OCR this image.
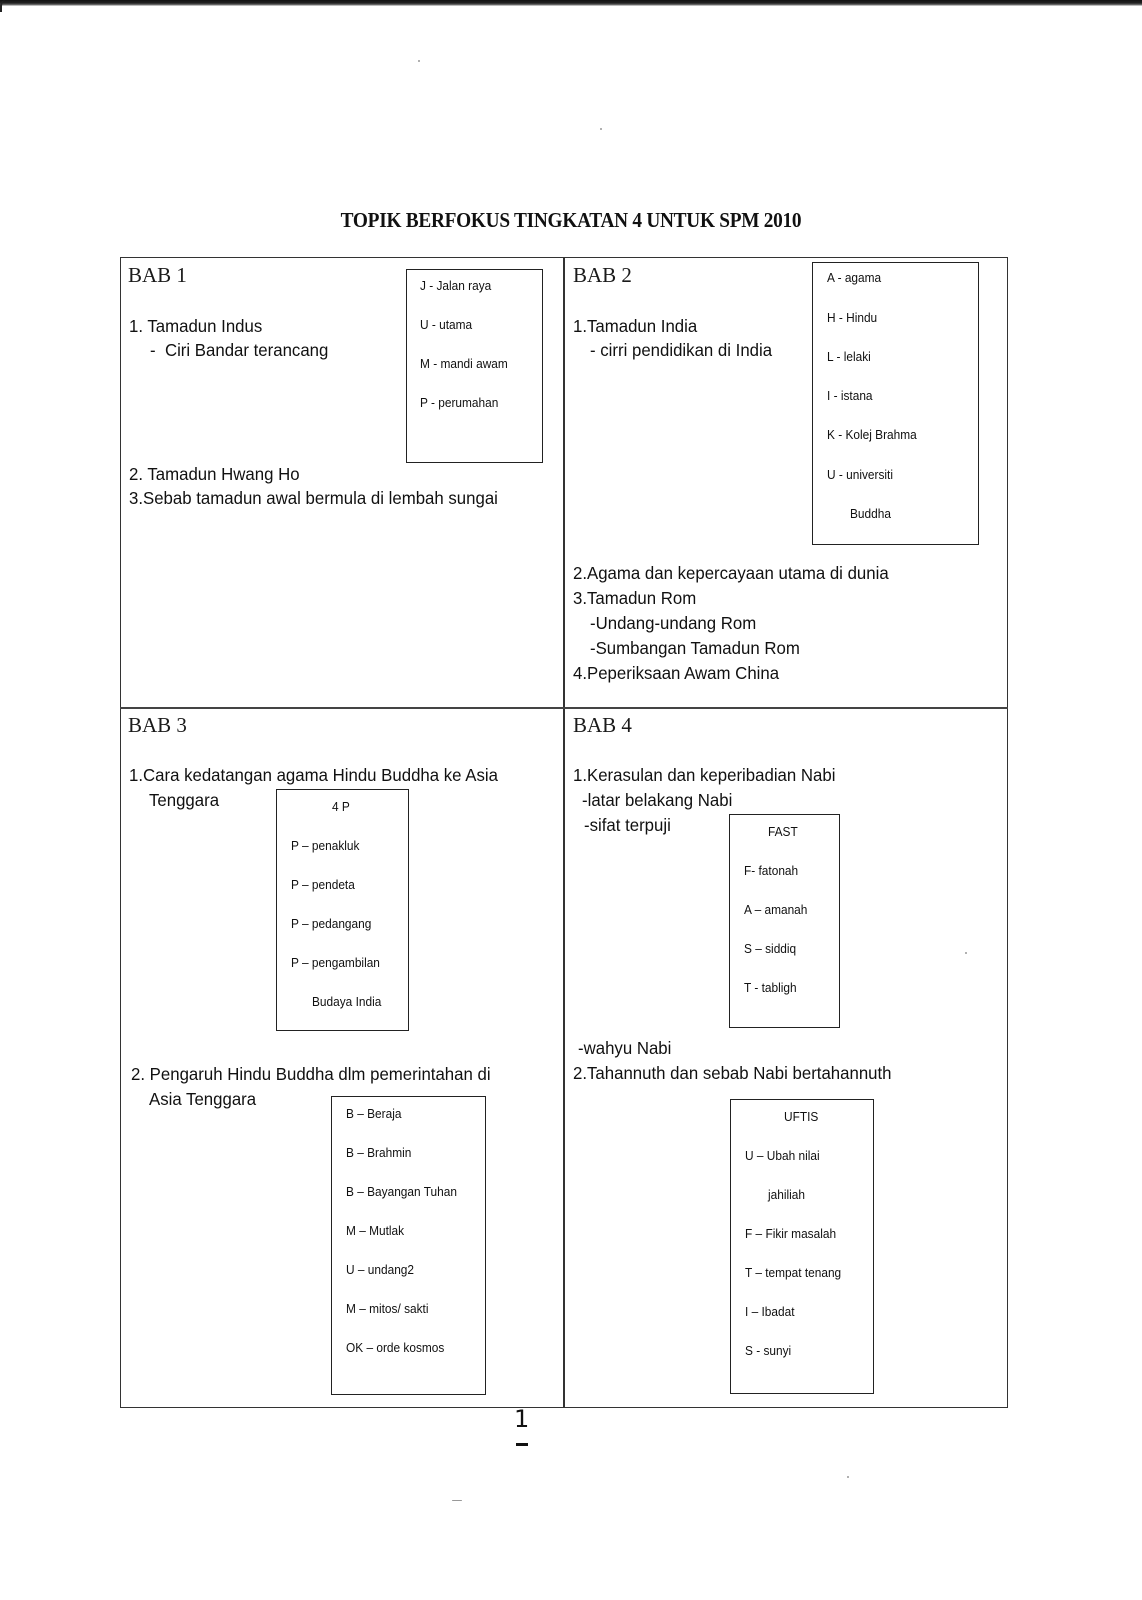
TOPIK BERFOKUS TINGKATAN 4 UNTUK SPM 2010
BAB 1
1. Tamadun Indus
-  Ciri Bandar terancang
2. Tamadun Hwang Ho
3.Sebab tamadun awal bermula di lembah sungai
J - Jalan raya
U - utama
M - mandi awam
P - perumahan
BAB 2
1.Tamadun India
- cirri pendidikan di India
2.Agama dan kepercayaan utama di dunia
3.Tamadun Rom
-Undang-undang Rom
-Sumbangan Tamadun Rom
4.Peperiksaan Awam China
A - agama
H - Hindu
L - lelaki
I - istana
K - Kolej Brahma
U - universiti
Buddha
BAB 3
1.Cara kedatangan agama Hindu Buddha ke Asia
Tenggara
2. Pengaruh Hindu Buddha dlm pemerintahan di
Asia Tenggara
4 P
P – penakluk
P – pendeta
P – pedangang
P – pengambilan
Budaya India
B – Beraja
B – Brahmin
B – Bayangan Tuhan
M – Mutlak
U – undang2
M – mitos/ sakti
OK – orde kosmos
BAB 4
1.Kerasulan dan keperibadian Nabi
-latar belakang Nabi
-sifat terpuji
-wahyu Nabi
2.Tahannuth dan sebab Nabi bertahannuth
FAST
F- fatonah
A – amanah
S – siddiq
T - tabligh
UFTIS
U – Ubah nilai
jahiliah
F – Fikir masalah
T – tempat tenang
I – Ibadat
S - sunyi
1
